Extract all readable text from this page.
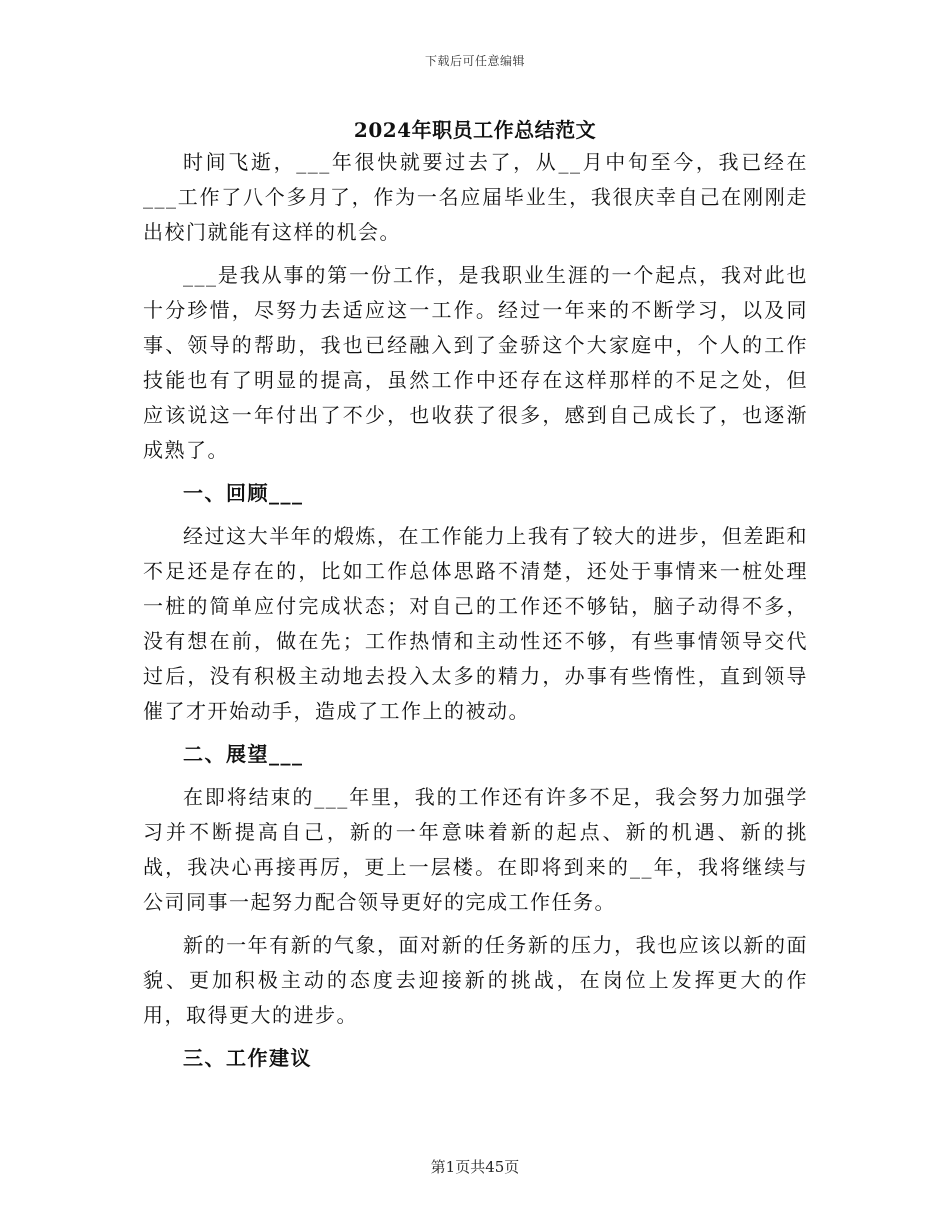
下载后可任意编辑
2024年职员工作总结范文

时间飞逝，___年很快就要过去了，从__月中旬至今，我已经在___工作了八个多月了，作为一名应届毕业生，我很庆幸自己在刚刚走出校门就能有这样的机会。

___是我从事的第一份工作，是我职业生涯的一个起点，我对此也十分珍惜，尽努力去适应这一工作。经过一年来的不断学习，以及同事、领导的帮助，我也已经融入到了金骄这个大家庭中，个人的工作技能也有了明显的提高，虽然工作中还存在这样那样的不足之处，但应该说这一年付出了不少，也收获了很多，感到自己成长了，也逐渐成熟了。

一、回顾___

经过这大半年的煅炼，在工作能力上我有了较大的进步，但差距和不足还是存在的，比如工作总体思路不清楚，还处于事情来一桩处理一桩的简单应付完成状态；对自己的工作还不够钻，脑子动得不多，没有想在前，做在先；工作热情和主动性还不够，有些事情领导交代过后，没有积极主动地去投入太多的精力，办事有些惰性，直到领导催了才开始动手，造成了工作上的被动。

二、展望___

在即将结束的___年里，我的工作还有许多不足，我会努力加强学习并不断提高自己，新的一年意味着新的起点、新的机遇、新的挑战，我决心再接再厉，更上一层楼。在即将到来的__年，我将继续与公司同事一起努力配合领导更好的完成工作任务。

新的一年有新的气象，面对新的任务新的压力，我也应该以新的面貌、更加积极主动的态度去迎接新的挑战，在岗位上发挥更大的作用，取得更大的进步。

三、工作建议

第1页共45页
